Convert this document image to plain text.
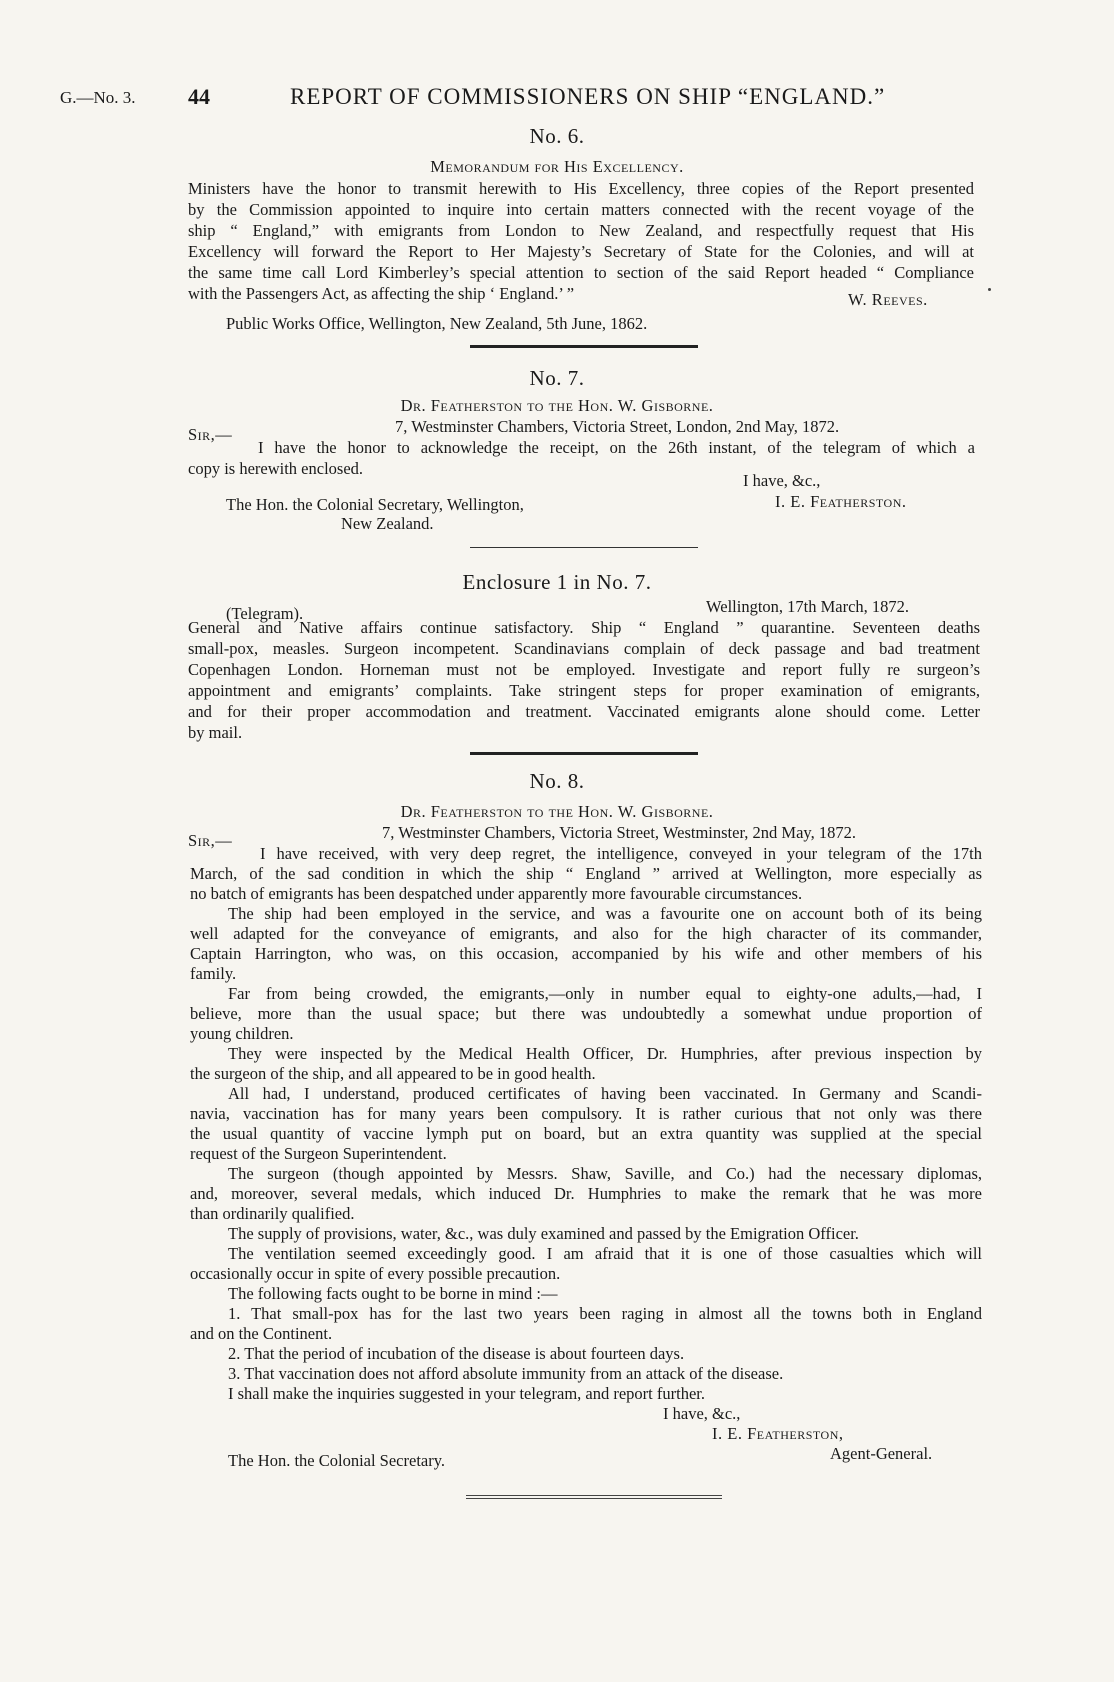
G.—No. 3. 44	REPORT OF COMMISSIONERS ON SHIP “ENGLAND.”
No. 6.
Memorandum for His Excellency.
Ministers have the honor to transmit herewith to His Excellency, three copies of the Report presented
by the Commission appointed to inquire into certain matters connected with the recent voyage of the
ship “ England,” with emigrants from London to New Zealand, and respectfully request that His
Excellency will forward the Report to Her Majesty’s Secretary of State for the Colonies, and will at
the same time call Lord Kimberley’s special attention to section of the said Report headed “ Compliance
with the Passengers Act, as affecting the ship ‘ England.’ ”	W. Reeves.
Public Works Office, Wellington, New Zealand, 5th June, 1862.
No. 7.
Dr. Featherston to the Hon. W. Gisborne.
Sir,—	7, Westminster Chambers, Victoria Street, London, 2nd May, 1872.
I have the honor to acknowledge the receipt, on the 26th instant, of the telegram of which a
copy is herewith enclosed.
I have, &c.,
I. E. Featherston.
The Hon. the Colonial Secretary, Wellington,
New Zealand.
Enclosure 1 in No. 7.
(Telegram).	Wellington, 17th March, 1872.
General and Native affairs continue satisfactory. Ship “ England ” quarantine. Seventeen deaths
small-pox, measles. Surgeon incompetent. Scandinavians complain of deck passage and bad treatment
Copenhagen London. Horneman must not be employed. Investigate and report fully re surgeon’s
appointment and emigrants’ complaints. Take stringent steps for proper examination of emigrants,
and for their proper accommodation and treatment. Vaccinated emigrants alone should come. Letter
by mail.
No. 8.
Dr. Featherston to the Hon. W. Gisborne.
Sir,—	7, Westminster Chambers, Victoria Street, Westminster, 2nd May, 1872.
I have received, with very deep regret, the intelligence, conveyed in your telegram of the 17th
March, of the sad condition in which the ship “ England ” arrived at Wellington, more especially as
no batch of emigrants has been despatched under apparently more favourable circumstances.
The ship had been employed in the service, and was a favourite one on account both of its being
well adapted for the conveyance of emigrants, and also for the high character of its commander,
Captain Harrington, who was, on this occasion, accompanied by his wife and other members of his
family.
Far from being crowded, the emigrants,—only in number equal to eighty-one adults,—had, I
believe, more than the usual space; but there was undoubtedly a somewhat undue proportion of
young children.
They were inspected by the Medical Health Officer, Dr. Humphries, after previous inspection by
the surgeon of the ship, and all appeared to be in good health.
All had, I understand, produced certificates of having been vaccinated. In Germany and Scandi-
navia, vaccination has for many years been compulsory. It is rather curious that not only was there
the usual quantity of vaccine lymph put on board, but an extra quantity was supplied at the special
request of the Surgeon Superintendent.
The surgeon (though appointed by Messrs. Shaw, Saville, and Co.) had the necessary diplomas,
and, moreover, several medals, which induced Dr. Humphries to make the remark that he was more
than ordinarily qualified.
The supply of provisions, water, &c., was duly examined and passed by the Emigration Officer.
The ventilation seemed exceedingly good. I am afraid that it is one of those casualties which will
occasionally occur in spite of every possible precaution.
The following facts ought to be borne in mind :—
1. That small-pox has for the last two years been raging in almost all the towns both in England
and on the Continent.
2. That the period of incubation of the disease is about fourteen days.
3. That vaccination does not afford absolute immunity from an attack of the disease.
I shall make the inquiries suggested in your telegram, and report further.
I have, &c.,
I. E. Featherston,
Agent-General.
The Hon. the Colonial Secretary.
